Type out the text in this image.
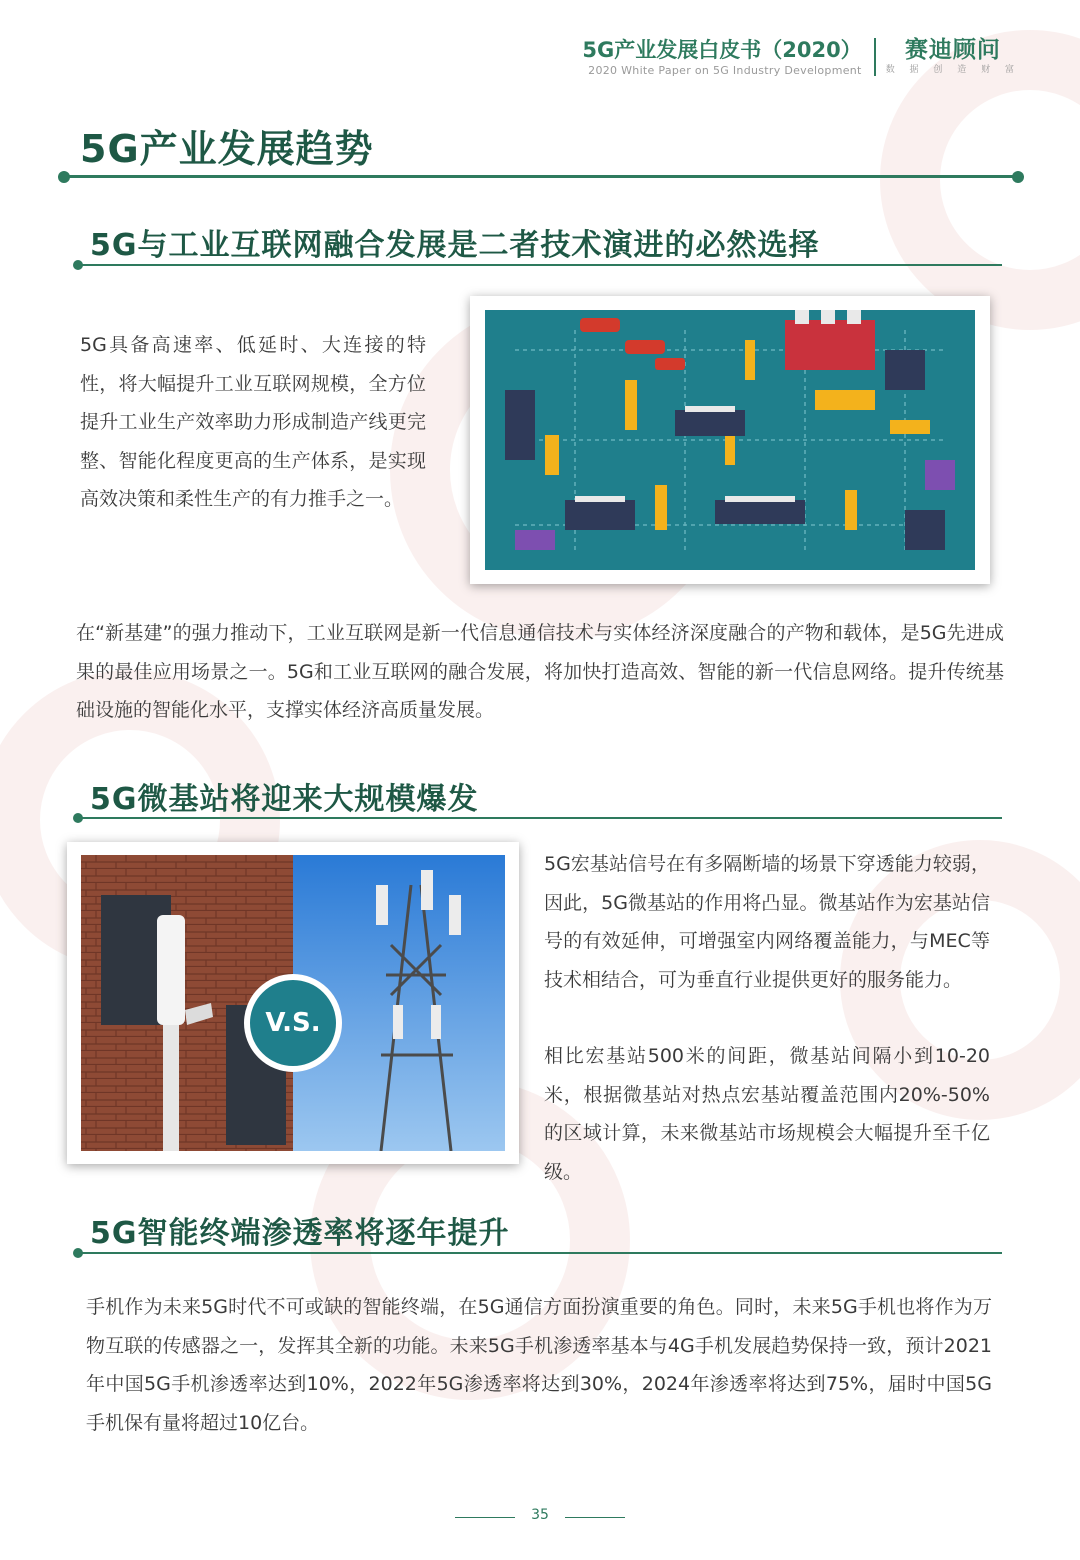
5G产业发展白皮书（2020）
2020 White Paper on 5G Industry Development
赛迪顾问
数 据 创 造 财 富
5G产业发展趋势
5G与工业互联网融合发展是二者技术演进的必然选择
5G具备高速率、低延时、大连接的特性，将大幅提升工业互联网规模，全方位提升工业生产效率助力形成制造产线更完整、智能化程度更高的生产体系，是实现高效决策和柔性生产的有力推手之一。
在“新基建”的强力推动下，工业互联网是新一代信息通信技术与实体经济深度融合的产物和载体，是5G先进成果的最佳应用场景之一。5G和工业互联网的融合发展，将加快打造高效、智能的新一代信息网络。提升传统基础设施的智能化水平，支撑实体经济高质量发展。
5G微基站将迎来大规模爆发
V.S.
5G宏基站信号在有多隔断墙的场景下穿透能力较弱，因此，5G微基站的作用将凸显。微基站作为宏基站信号的有效延伸，可增强室内网络覆盖能力，与MEC等技术相结合，可为垂直行业提供更好的服务能力。
相比宏基站500米的间距，微基站间隔小到10-20米，根据微基站对热点宏基站覆盖范围内20%-50%的区域计算，未来微基站市场规模会大幅提升至千亿级。
5G智能终端渗透率将逐年提升
手机作为未来5G时代不可或缺的智能终端，在5G通信方面扮演重要的角色。同时，未来5G手机也将作为万物互联的传感器之一，发挥其全新的功能。未来5G手机渗透率基本与4G手机发展趋势保持一致，预计2021年中国5G手机渗透率达到10%，2022年5G渗透率将达到30%，2024年渗透率将达到75%，届时中国5G手机保有量将超过10亿台。
35
